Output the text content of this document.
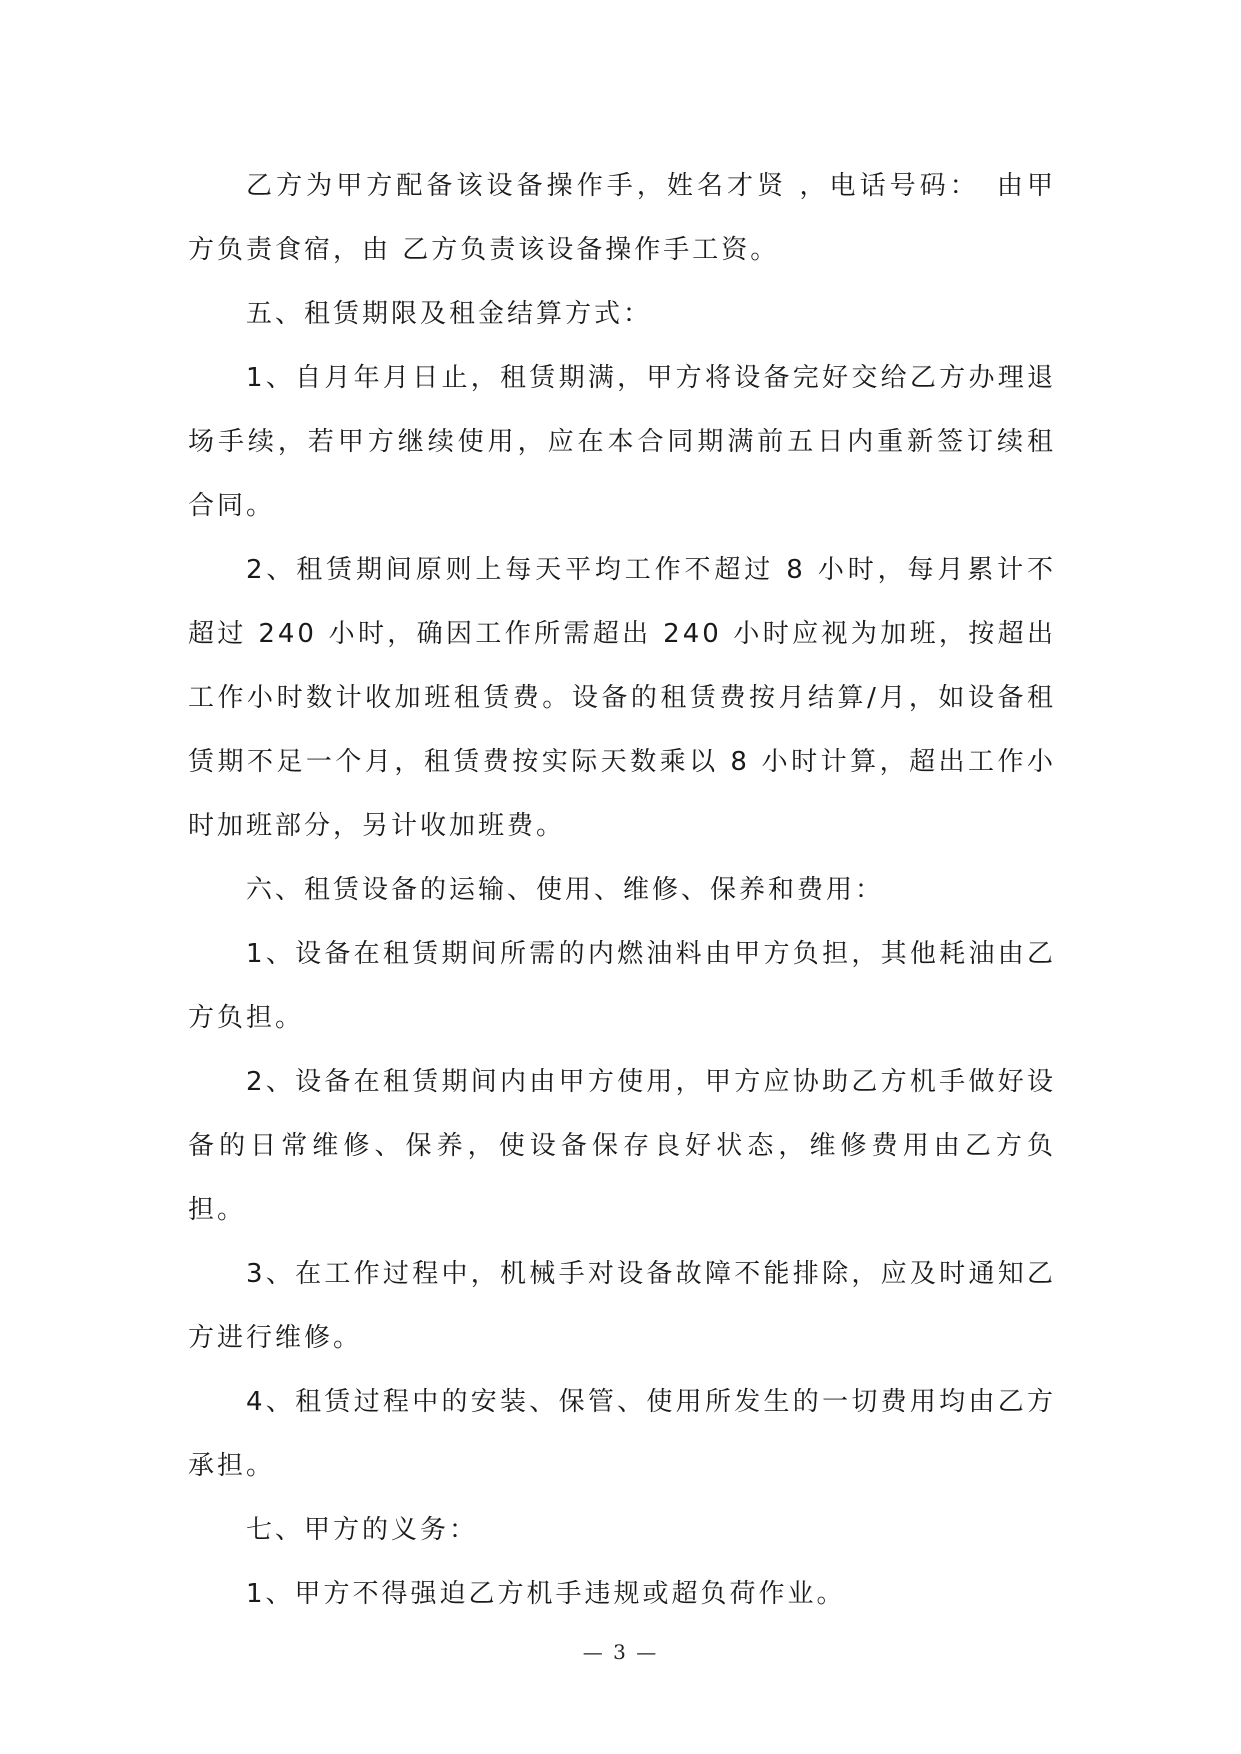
乙方为甲方配备该设备操作手，姓名才贤 ，电话号码：　由甲方负责食宿，由 乙方负责该设备操作手工资。

五、租赁期限及租金结算方式：

1、自月年月日止，租赁期满，甲方将设备完好交给乙方办理退场手续，若甲方继续使用，应在本合同期满前五日内重新签订续租合同。

2、租赁期间原则上每天平均工作不超过 8 小时，每月累计不超过 240 小时，确因工作所需超出 240 小时应视为加班，按超出工作小时数计收加班租赁费。设备的租赁费按月结算/月，如设备租赁期不足一个月，租赁费按实际天数乘以 8 小时计算，超出工作小时加班部分，另计收加班费。

六、租赁设备的运输、使用、维修、保养和费用：

1、设备在租赁期间所需的内燃油料由甲方负担，其他耗油由乙方负担。

2、设备在租赁期间内由甲方使用，甲方应协助乙方机手做好设备的日常维修、保养，使设备保存良好状态，维修费用由乙方负担。

3、在工作过程中，机械手对设备故障不能排除，应及时通知乙方进行维修。

4、租赁过程中的安装、保管、使用所发生的一切费用均由乙方承担。

七、甲方的义务：

1、甲方不得强迫乙方机手违规或超负荷作业。

— 3 —
